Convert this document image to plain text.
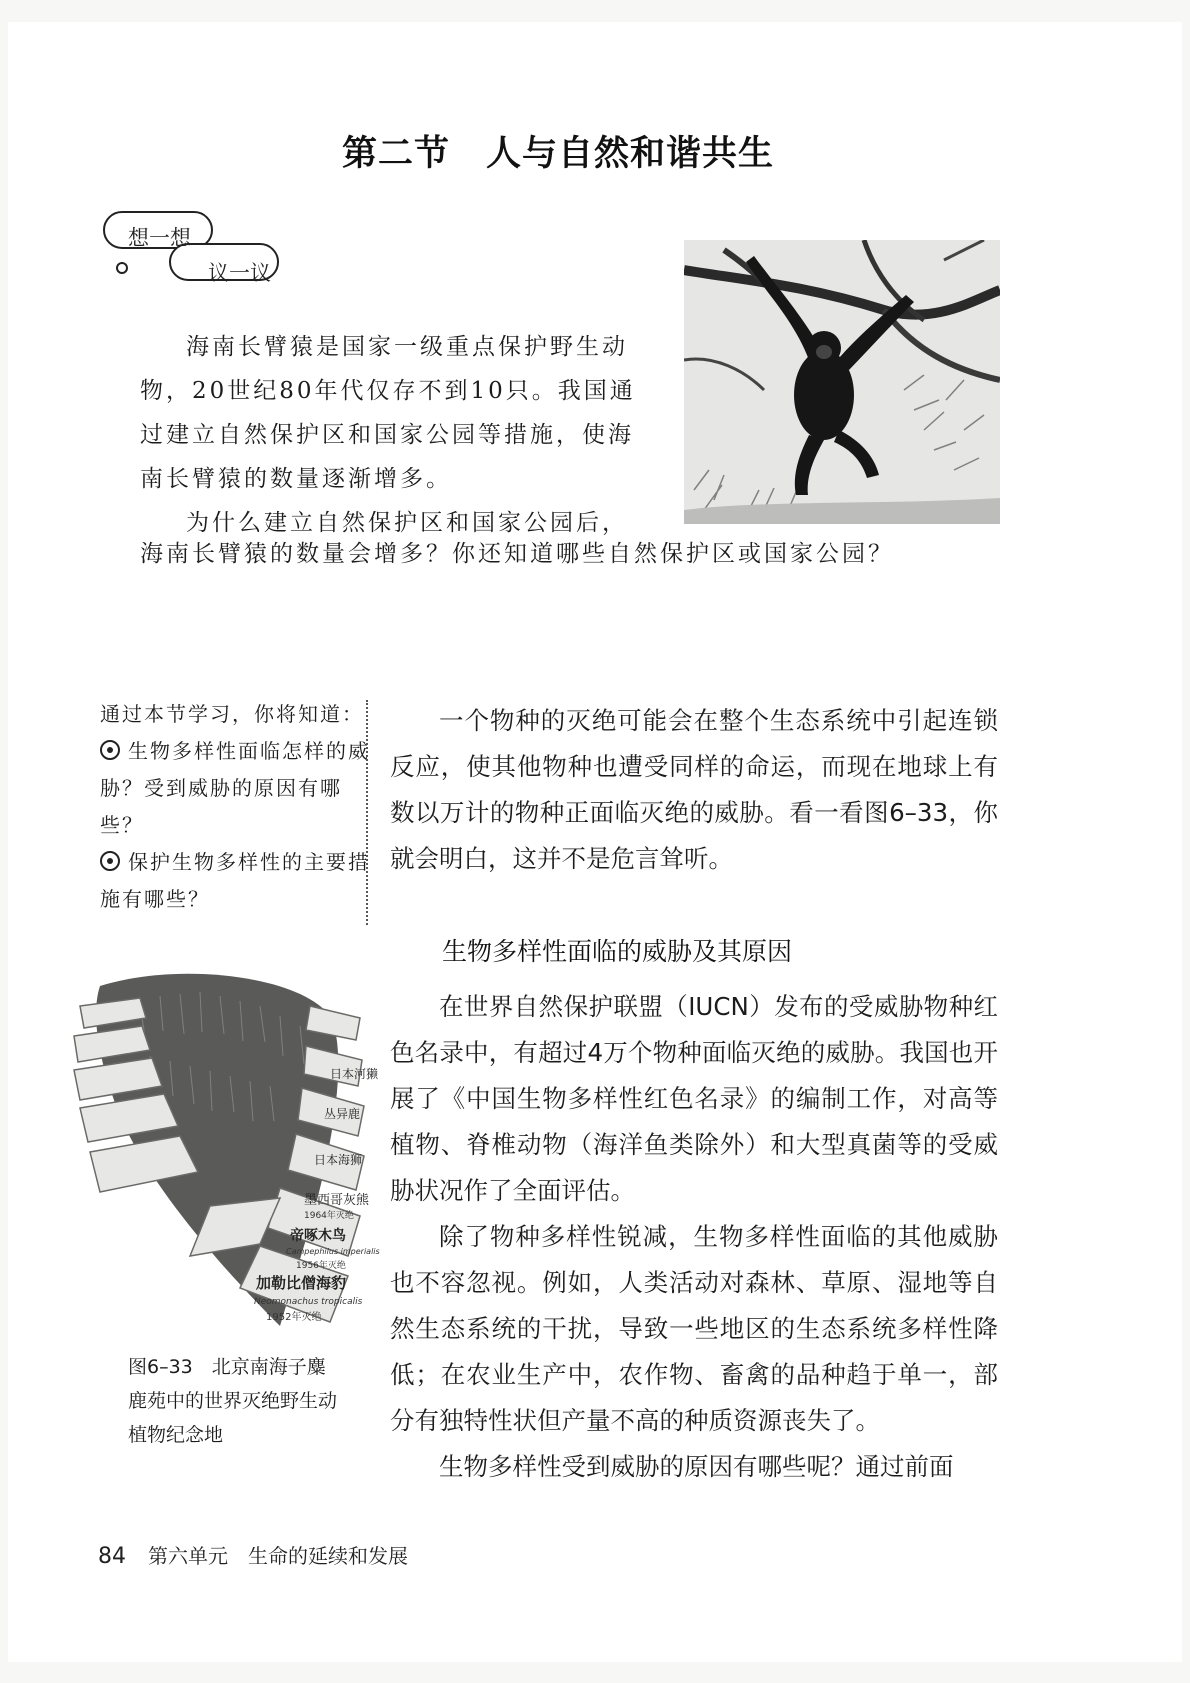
第二节 人与自然和谐共生
想一想
议一议

海南长臂猿是国家一级重点保护野生动物，20世纪80年代仅存不到10只。我国通过建立自然保护区和国家公园等措施，使海南长臂猿的数量逐渐增多。

为什么建立自然保护区和国家公园后，

海南长臂猿的数量会增多？你还知道哪些自然保护区或国家公园？
通过本节学习，你将知道：
生物多样性面临怎样的威胁？受到威胁的原因有哪些？
保护生物多样性的主要措施有哪些？

一个物种的灭绝可能会在整个生态系统中引起连锁反应，使其他物种也遭受同样的命运，而现在地球上有数以万计的物种正面临灭绝的威胁。看一看图6–33，你就会明白，这并不是危言耸听。

生物多样性面临的威胁及其原因

在世界自然保护联盟（IUCN）发布的受威胁物种红色名录中，有超过4万个物种面临灭绝的威胁。我国也开展了《中国生物多样性红色名录》的编制工作，对高等植物、脊椎动物（海洋鱼类除外）和大型真菌等的受威胁状况作了全面评估。

除了物种多样性锐减，生物多样性面临的其他威胁也不容忽视。例如，人类活动对森林、草原、湿地等自然生态系统的干扰，导致一些地区的生态系统多样性降低；在农业生产中，农作物、畜禽的品种趋于单一，部分有独特性状但产量不高的种质资源丧失了。

生物多样性受到威胁的原因有哪些呢？通过前面

日本河獭
丛异鹿
日本海狮
墨西哥灰熊
1964年灭绝
帝啄木鸟
Campephilus imperialis
1956年灭绝
加勒比僧海豹
Neomonachus tropicalis
1952年灭绝
图6–33　北京南海子麋鹿苑中的世界灭绝野生动植物纪念地
84 第六单元　生命的延续和发展
